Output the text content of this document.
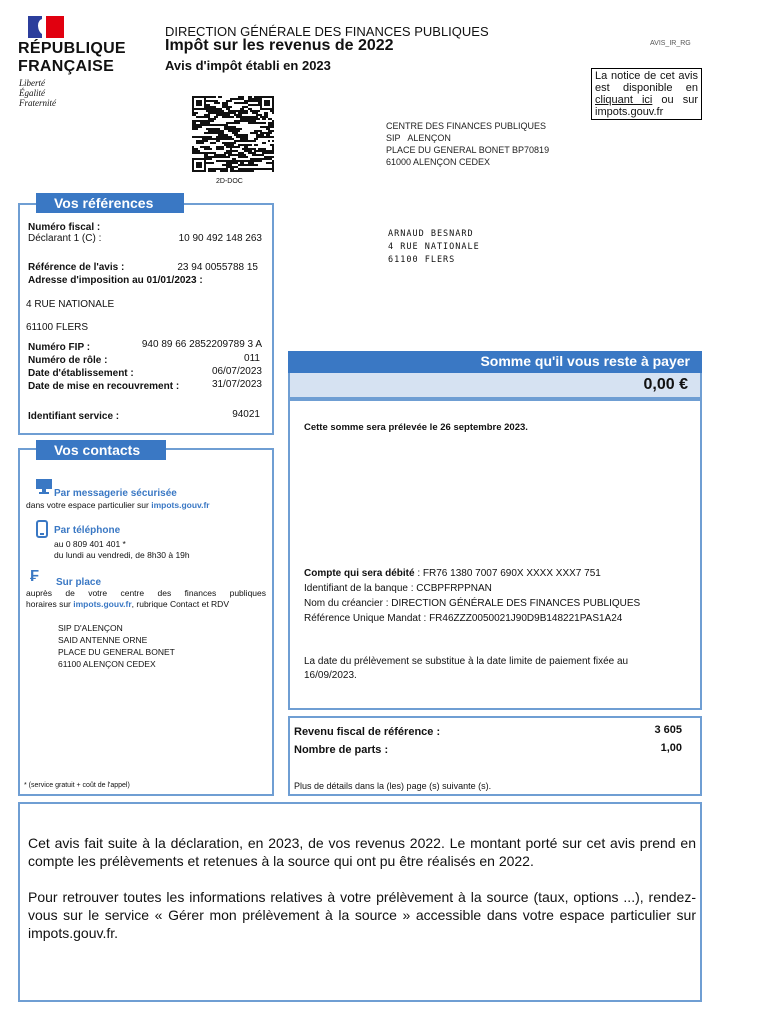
RÉPUBLIQUE
FRANÇAISE
Liberté
Égalité
Fraternité
DIRECTION GÉNÉRALE DES FINANCES PUBLIQUES
Impôt sur les revenus de 2022
Avis d'impôt établi en 2023
AVIS_IR_RG
La notice de cet avis est disponible en cliquant ici ou sur impots.gouv.fr
2D-DOC
CENTRE DES FINANCES PUBLIQUES
SIP   ALENÇON
PLACE DU GENERAL BONET BP70819
61000 ALENÇON CEDEX
ARNAUD BESNARD
4 RUE NATIONALE
61100 FLERS
Numéro fiscal :
Déclarant 1 (C) :	10 90 492 148 263
Référence de l'avis :	23 94 0055788 15
Adresse d'imposition au 01/01/2023 :
4 RUE NATIONALE
61100 FLERS
Numéro FIP :	940 89 66 2852209789 3 A
Numéro de rôle :	011
Date d'établissement :	06/07/2023
Date de mise en recouvrement :	31/07/2023
Identifiant service :	94021
Vos références
Par messagerie sécurisée
dans votre espace particulier sur impots.gouv.fr
Par téléphone
au 0 809 401 401 *
du lundi au vendredi, de 8h30 à 19h
₣ Sur place
auprès de votre centre des finances publiques
horaires sur impots.gouv.fr, rubrique Contact et RDV
SIP D'ALENÇON
SAID ANTENNE ORNE
PLACE DU GENERAL BONET
61100 ALENÇON CEDEX
* (service gratuit + coût de l'appel)
Vos contacts
Somme qu'il vous reste à payer
0,00 €
Cette somme sera prélevée le 26 septembre 2023.
Compte qui sera débité : FR76 1380 7007 690X XXXX XXX7 751
Identifiant de la banque : CCBPFRPPNAN
Nom du créancier : DIRECTION GÉNÉRALE DES FINANCES PUBLIQUES
Référence Unique Mandat : FR46ZZZ0050021J90D9B148221PAS1A24
La date du prélèvement se substitue à la date limite de paiement fixée au
16/09/2023.
Revenu fiscal de référence :	3 605
Nombre de parts :	1,00
Plus de détails dans la (les) page (s) suivante (s).
Cet avis fait suite à la déclaration, en 2023, de vos revenus 2022. Le montant porté sur cet avis prend en compte les prélèvements et retenues à la source qui ont pu être réalisés en 2022.
Pour retrouver toutes les informations relatives à votre prélèvement à la source (taux, options ...), rendez-vous sur le service « Gérer mon prélèvement à la source » accessible dans votre espace particulier sur impots.gouv.fr.
